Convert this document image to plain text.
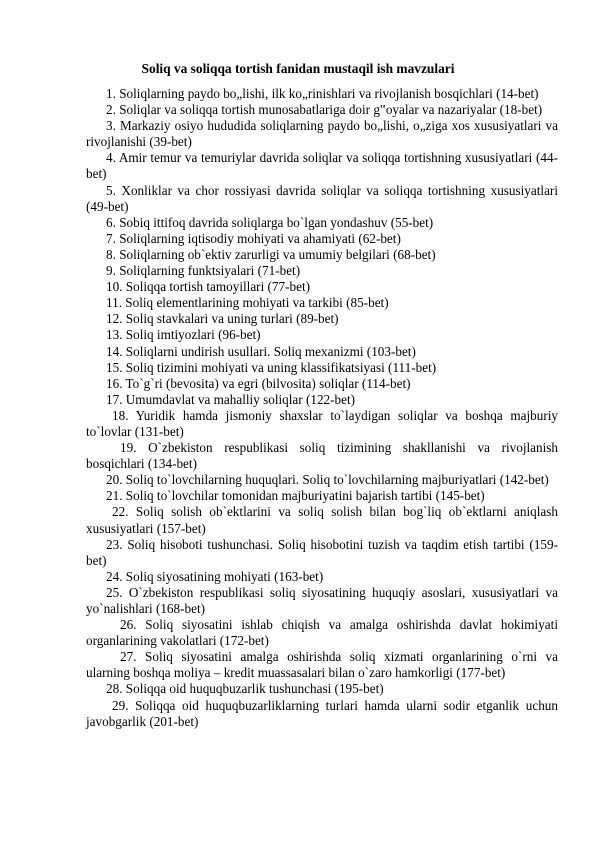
Soliq va soliqqa tortish fanidan mustaqil ish mavzulari

1. Soliqlarning paydo bo„lishi, ilk ko„rinishlari va rivojlanish bosqichlari (14-bet)

2. Soliqlar va soliqqa tortish munosabatlariga doir g‟oyalar va nazariyalar (18-bet)

3. Markaziy osiyo hududida soliqlarning paydo bo„lishi, o„ziga xos xususiyatlari va rivojlanishi (39-bet)

4. Amir temur va temuriylar davrida soliqlar va soliqqa tortishning xususiyatlari (44-bet)

5. Xonliklar va chor rossiyasi davrida soliqlar va soliqqa tortishning xususiyatlari (49-bet)

6. Sobiq ittifoq davrida soliqlarga bo`lgan yondashuv (55-bet)

7. Soliqlarning iqtisodiy mohiyati va ahamiyati (62-bet)

8. Soliqlarning ob`ektiv zarurligi va umumiy belgilari (68-bet)

9. Soliqlarning funktsiyalari (71-bet)

10. Soliqqa tortish tamoyillari (77-bet)

11. Soliq elementlarining mohiyati va tarkibi (85-bet)

12. Soliq stavkalari va uning turlari (89-bet)

13. Soliq imtiyozlari (96-bet)

14. Soliqlarni undirish usullari. Soliq mexanizmi (103-bet)

15. Soliq tizimini mohiyati va uning klassifikatsiyasi (111-bet)

16. To`g`ri (bevosita) va egri (bilvosita) soliqlar (114-bet)

17. Umumdavlat va mahalliy soliqlar (122-bet)

18. Yuridik hamda jismoniy shaxslar to`laydigan soliqlar va boshqa majburiy to`lovlar (131-bet)

19. O`zbekiston respublikasi soliq tizimining shakllanishi va rivojlanish bosqichlari (134-bet)

20. Soliq to`lovchilarning huquqlari. Soliq to`lovchilarning majburiyatlari (142-bet)

21. Soliq to`lovchilar tomonidan majburiyatini bajarish tartibi (145-bet)

22. Soliq solish ob`ektlarini va soliq solish bilan bog`liq ob`ektlarni aniqlash xususiyatlari (157-bet)

23. Soliq hisoboti tushunchasi. Soliq hisobotini tuzish va taqdim etish tartibi (159-bet)

24. Soliq siyosatining mohiyati (163-bet)

25. O`zbekiston respublikasi soliq siyosatining huquqiy asoslari, xususiyatlari va yo`nalishlari (168-bet)

26. Soliq siyosatini ishlab chiqish va amalga oshirishda davlat hokimiyati organlarining vakolatlari (172-bet)

27. Soliq siyosatini amalga oshirishda soliq xizmati organlarining o`rni va ularning boshqa moliya – kredit muassasalari bilan o`zaro hamkorligi (177-bet)

28. Soliqqa oid huquqbuzarlik tushunchasi (195-bet)

29. Soliqqa oid huquqbuzarliklarning turlari hamda ularni sodir etganlik uchun javobgarlik (201-bet)
